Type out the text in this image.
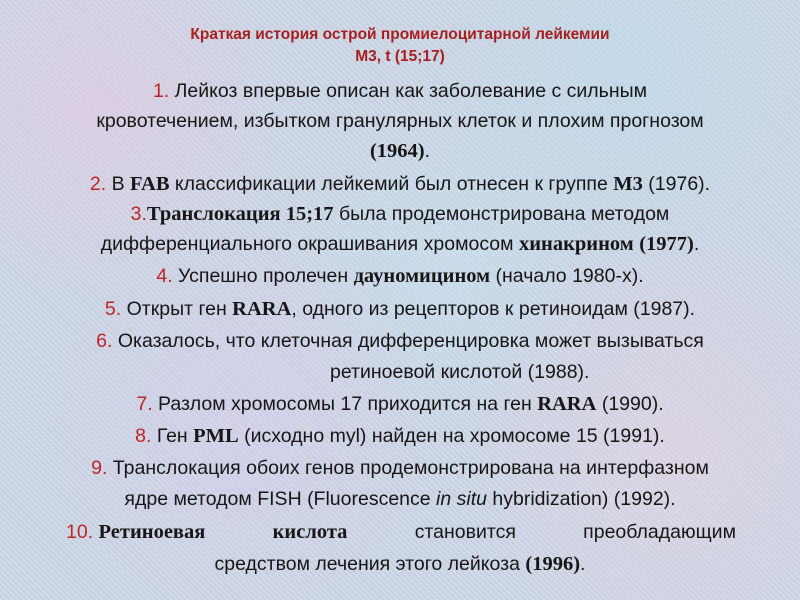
Краткая история острой промиелоцитарной лейкемии
М3, t (15;17)
1. Лейкоз впервые описан как заболевание с сильным
кровотечением, избытком гранулярных клеток и плохим прогнозом
(1964).
2. В FAB классификации лейкемий был отнесен к группе М3 (1976).
3.Транслокация 15;17 была продемонстрирована методом
дифференциального окрашивания хромосом хинакрином (1977).
4. Успешно пролечен дауномицином (начало 1980-х).
5. Открыт ген RARA, одного из рецепторов к ретиноидам (1987).
6. Оказалось, что клеточная дифференцировка может вызываться
ретиноевой кислотой (1988).
7. Разлом хромосомы 17 приходится на ген RARA (1990).
8. Ген PML (исходно myl) найден на хромосоме 15 (1991).
9. Транслокация обоих генов продемонстрирована на интерфазном
ядре методом FISH (Fluorescence in situ hybridization) (1992).
10. Ретиноевая	кислота	становится	преобладающим
средством лечения этого лейкоза (1996).
